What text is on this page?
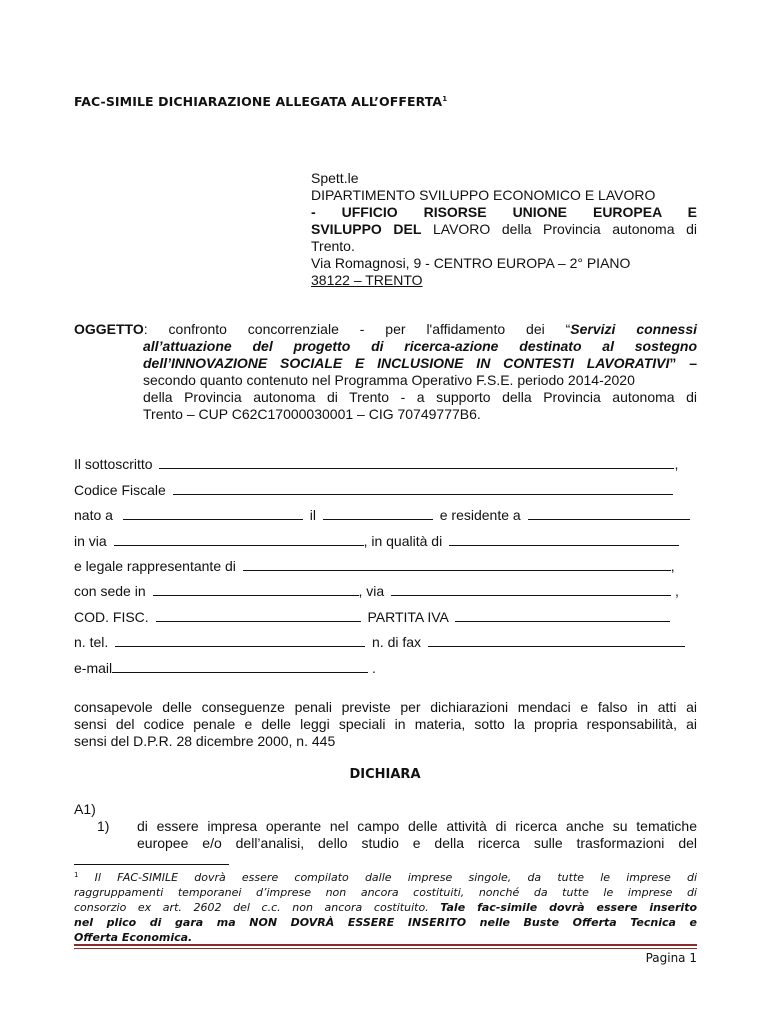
FAC-SIMILE DICHIARAZIONE ALLEGATA ALL’OFFERTA$^1$
Spett.le
DIPARTIMENTO SVILUPPO ECONOMICO E LAVORO
- UFFICIO RISORSE UNIONE EUROPEA E
SVILUPPO DEL LAVORO della Provincia autonoma di
Trento.
Via Romagnosi, 9 - CENTRO EUROPA – 2° PIANO
38122 – TRENTO
OGGETTO: confronto concorrenziale - per l'affidamento dei “Servizi connessi
all’attuazione del progetto di ricerca-azione destinato al sostegno
dell’INNOVAZIONE SOCIALE E INCLUSIONE IN CONTESTI LAVORATIVI” –
secondo quanto contenuto nel Programma Operativo F.S.E. periodo 2014-2020
della Provincia autonoma di Trento - a supporto della Provincia autonoma di
Trento – CUP C62C17000030001 – CIG 70749777B6.
Il sottoscritto	,
Codice Fiscale
nato a	il	e residente a
in via	, in qualità di
e legale rappresentante di	,
con sede in	, via	,
COD. FISC.	PARTITA IVA
n. tel.	n. di fax
e-mail	.
consapevole delle conseguenze penali previste per dichiarazioni mendaci e falso in atti ai
sensi del codice penale e delle leggi speciali in materia, sotto la propria responsabilità, ai
sensi del D.P.R. 28 dicembre 2000, n. 445
DICHIARA
A1)
1) di essere impresa operante nel campo delle attività di ricerca anche su tematiche
europee e/o dell’analisi, dello studio e della ricerca sulle trasformazioni del
$^1$ Il FAC-SIMILE dovrà essere compilato dalle imprese singole, da tutte le imprese di
raggruppamenti temporanei d’imprese non ancora costituiti, nonché da tutte le imprese di
consorzio ex art. 2602 del c.c. non ancora costituito. Tale fac-simile dovrà essere inserito
nel plico di gara ma NON DOVRÀ ESSERE INSERITO nelle Buste Offerta Tecnica e
Offerta Economica.
Pagina 1
